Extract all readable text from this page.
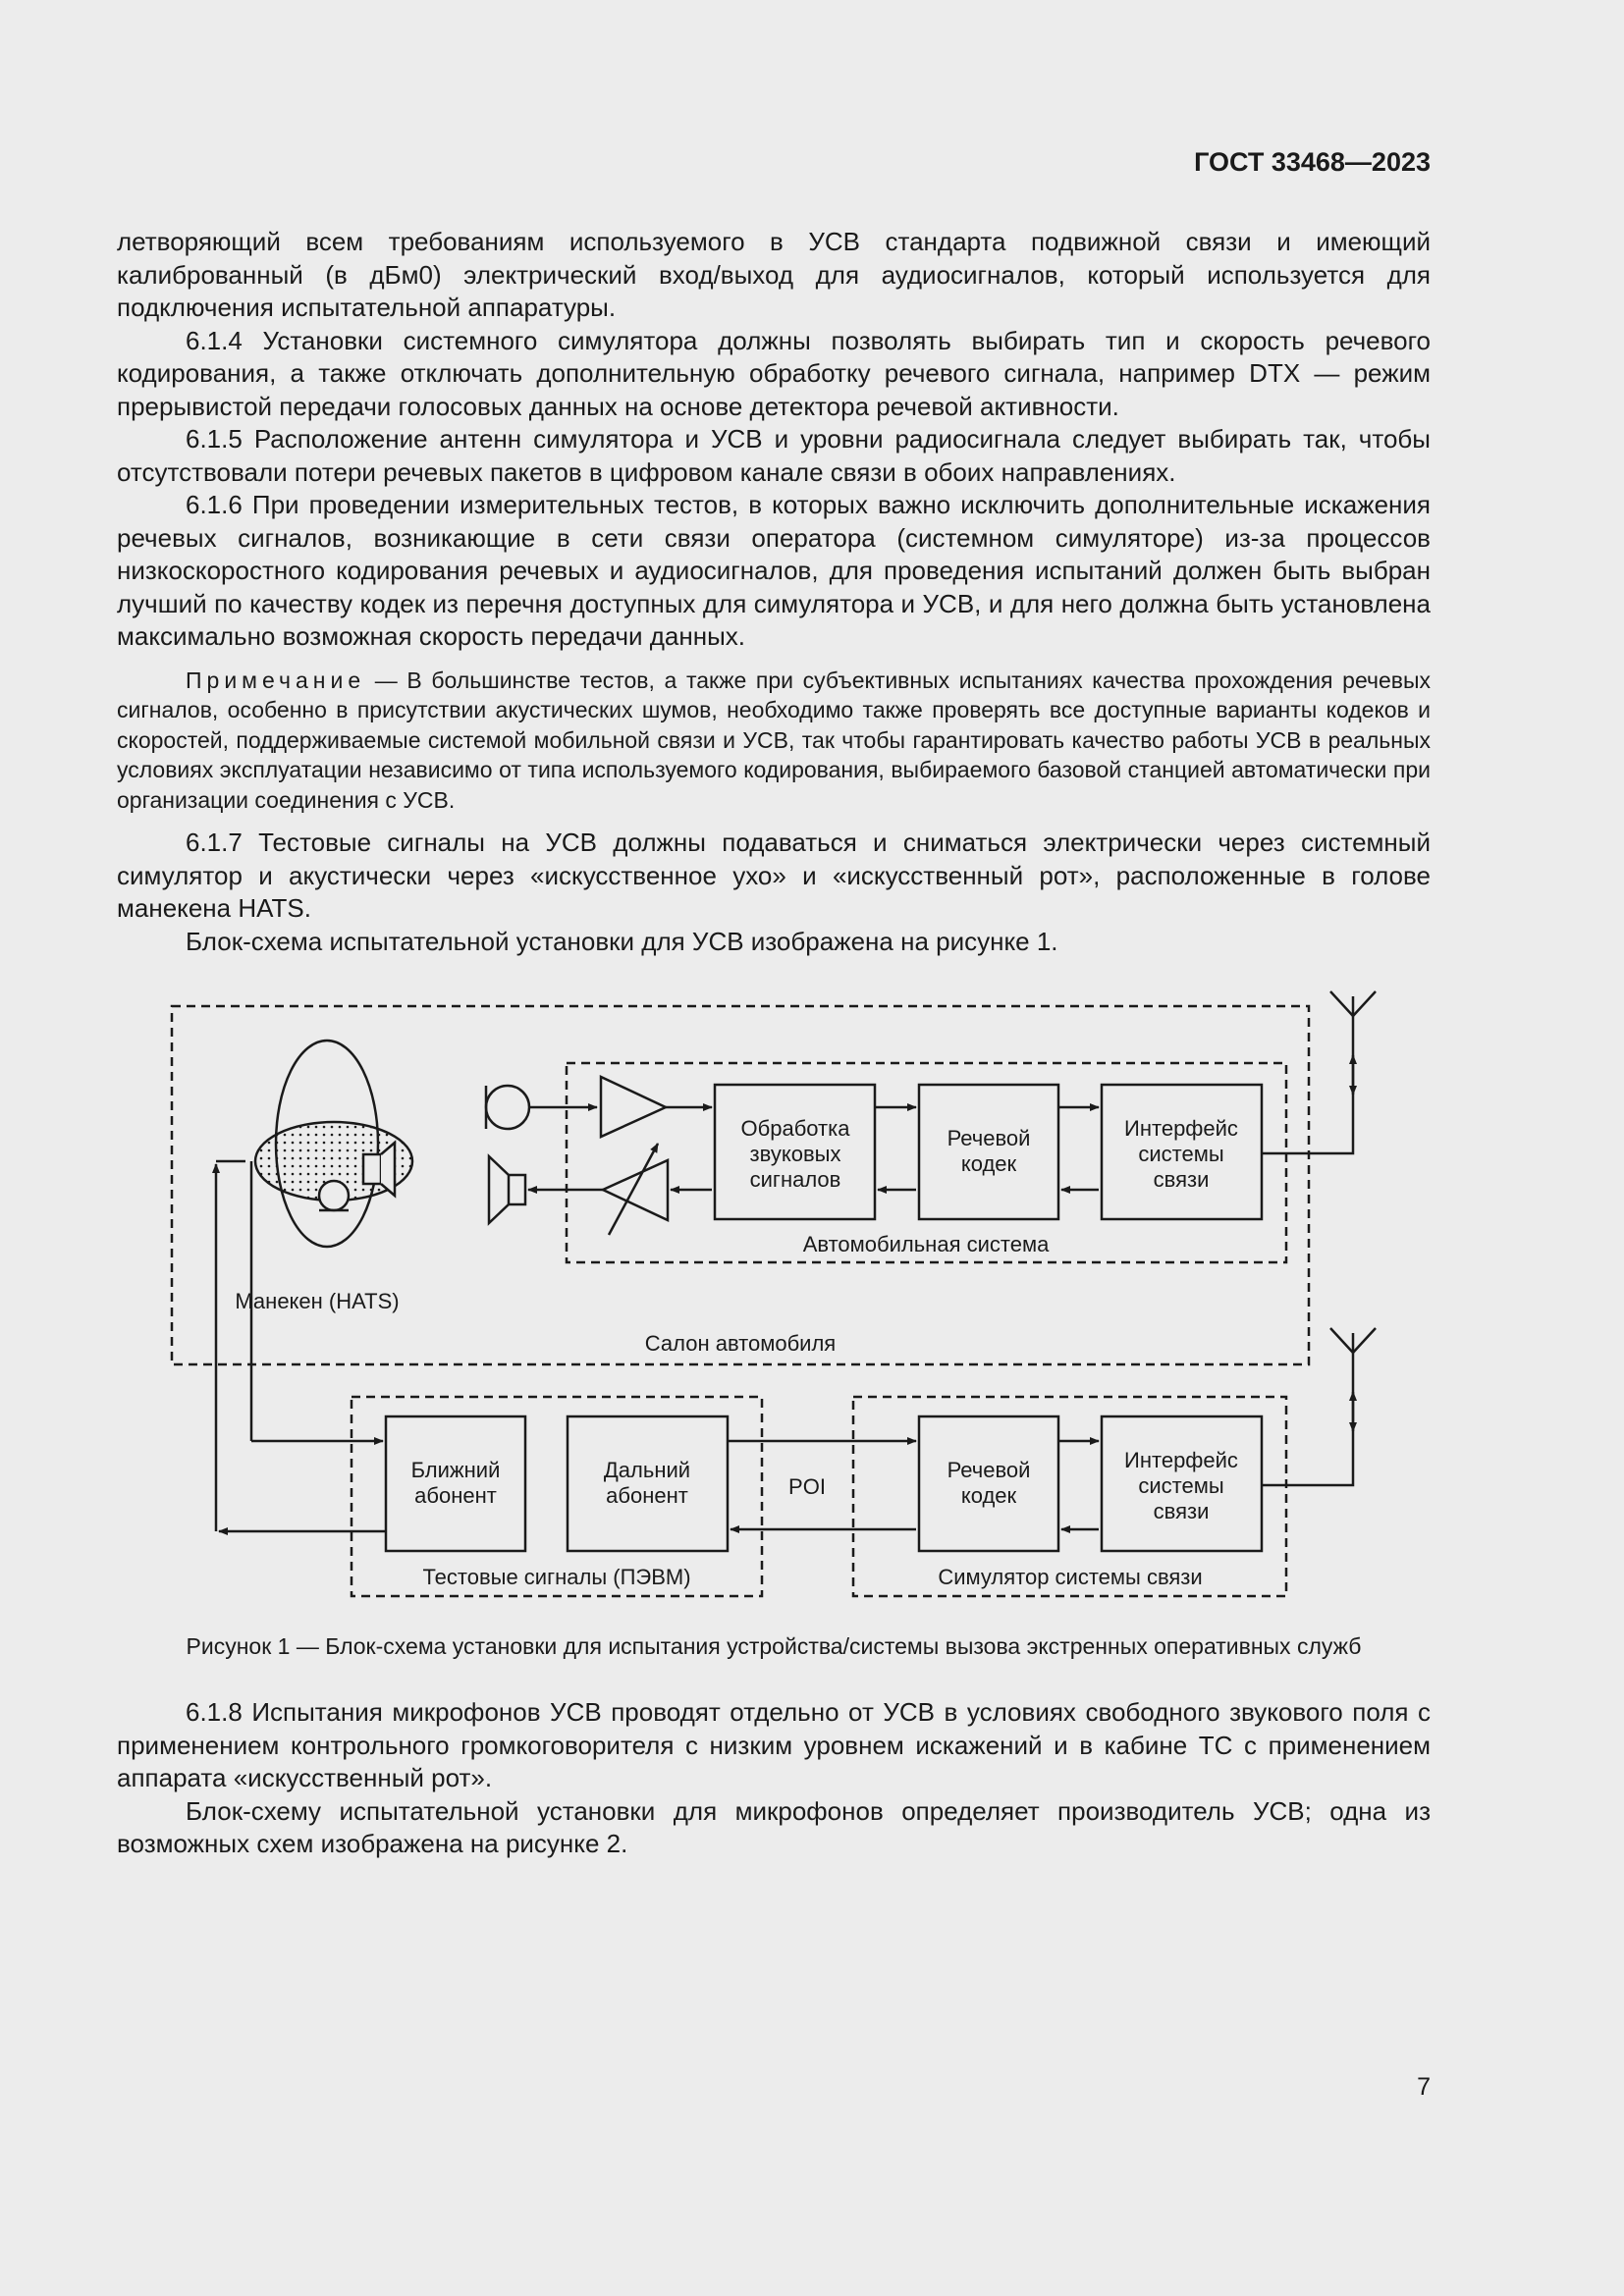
ГОСТ 33468—2023

летворяющий всем требованиям используемого в УСВ стандарта подвижной связи и имеющий калиброванный (в дБм0) электрический вход/выход для аудиосигналов, который используется для подключения испытательной аппаратуры.

6.1.4 Установки системного симулятора должны позволять выбирать тип и скорость речевого кодирования, а также отключать дополнительную обработку речевого сигнала, например DTX — режим прерывистой передачи голосовых данных на основе детектора речевой активности.

6.1.5 Расположение антенн симулятора и УСВ и уровни радиосигнала следует выбирать так, чтобы отсутствовали потери речевых пакетов в цифровом канале связи в обоих направлениях.

6.1.6 При проведении измерительных тестов, в которых важно исключить дополнительные искажения речевых сигналов, возникающие в сети связи оператора (системном симуляторе) из-за процессов низкоскоростного кодирования речевых и аудиосигналов, для проведения испытаний должен быть выбран лучший по качеству кодек из перечня доступных для симулятора и УСВ, и для него должна быть установлена максимально возможная скорость передачи данных.

Примечание — В большинстве тестов, а также при субъективных испытаниях качества прохождения речевых сигналов, особенно в присутствии акустических шумов, необходимо также проверять все доступные варианты кодеков и скоростей, поддерживаемые системой мобильной связи и УСВ, так чтобы гарантировать качество работы УСВ в реальных условиях эксплуатации независимо от типа используемого кодирования, выбираемого базовой станцией автоматически при организации соединения с УСВ.

6.1.7 Тестовые сигналы на УСВ должны подаваться и сниматься электрически через системный симулятор и акустически через «искусственное ухо» и «искусственный рот», расположенные в голове манекена HATS.

Блок-схема испытательной установки для УСВ изображена на рисунке 1.

Обработка
звуковых
сигналов
Речевой
кодек
Интерфейс
системы
связи
Автомобильная система
Манекен (HATS)
Салон автомобиля
Ближний
абонент
Дальний
абонент	POI
Речевой
кодек
Интерфейс
системы
связи
Тестовые сигналы (ПЭВМ)	Симулятор системы связи
Рисунок 1 — Блок-схема установки для испытания устройства/системы вызова экстренных оперативных служб

6.1.8 Испытания микрофонов УСВ проводят отдельно от УСВ в условиях свободного звукового поля с применением контрольного громкоговорителя с низким уровнем искажений и в кабине ТС с применением аппарата «искусственный рот».

Блок-схему испытательной установки для микрофонов определяет производитель УСВ; одна из возможных схем изображена на рисунке 2.

7
